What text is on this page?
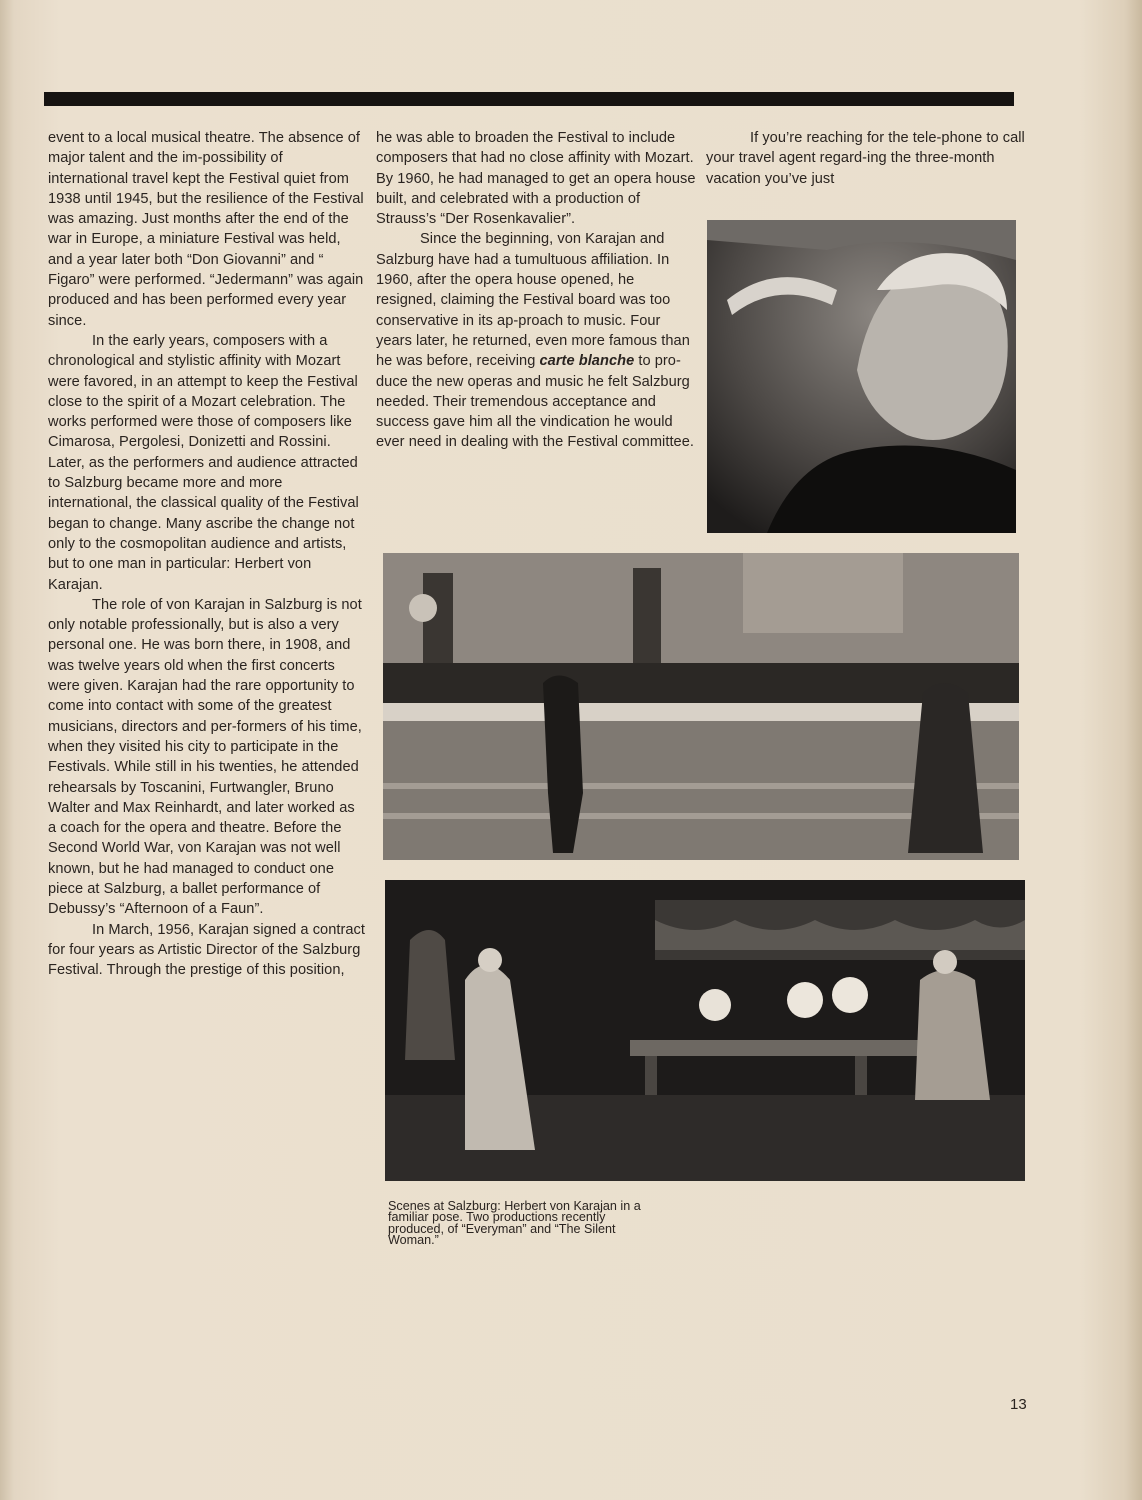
event to a local musical theatre. The absence of major talent and the im-possibility of international travel kept the Festival quiet from 1938 until 1945, but the resilience of the Festival was amazing. Just months after the end of the war in Europe, a miniature Festival was held, and a year later both “Don Giovanni” and “ Figaro” were performed. “Jedermann” was again produced and has been performed every year since.

In the early years, composers with a chronological and stylistic affinity with Mozart were favored, in an attempt to keep the Festival close to the spirit of a Mozart celebration. The works performed were those of composers like Cimarosa, Pergolesi, Donizetti and Rossini. Later, as the performers and audience attracted to Salzburg became more and more international, the classical quality of the Festival began to change. Many ascribe the change not only to the cosmopolitan audience and artists, but to one man in particular: Herbert von Karajan.

The role of von Karajan in Salzburg is not only notable professionally, but is also a very personal one. He was born there, in 1908, and was twelve years old when the first concerts were given. Karajan had the rare opportunity to come into contact with some of the greatest musicians, directors and per-formers of his time, when they visited his city to participate in the Festivals. While still in his twenties, he attended rehearsals by Toscanini, Furtwangler, Bruno Walter and Max Reinhardt, and later worked as a coach for the opera and theatre. Before the Second World War, von Karajan was not well known, but he had managed to conduct one piece at Salzburg, a ballet performance of Debussy’s “Afternoon of a Faun”.

In March, 1956, Karajan signed a contract for four years as Artistic Director of the Salzburg Festival. Through the prestige of this position,

he was able to broaden the Festival to include composers that had no close affinity with Mozart. By 1960, he had managed to get an opera house built, and celebrated with a production of Strauss’s “Der Rosenkavalier”.

Since the beginning, von Karajan and Salzburg have had a tumultuous affiliation. In 1960, after the opera house opened, he resigned, claiming the Festival board was too conservative in its ap-proach to music. Four years later, he returned, even more famous than he was before, receiving carte blanche to pro-duce the new operas and music he felt Salzburg needed. Their tremendous acceptance and success gave him all the vindication he would ever need in dealing with the Festival committee.

If you’re reaching for the tele-phone to call your travel agent regard-ing the three-month vacation you’ve just

Scenes at Salzburg: Herbert von Karajan in a familiar pose. Two productions recently produced, of “Everyman” and “The Silent Woman.”
13
